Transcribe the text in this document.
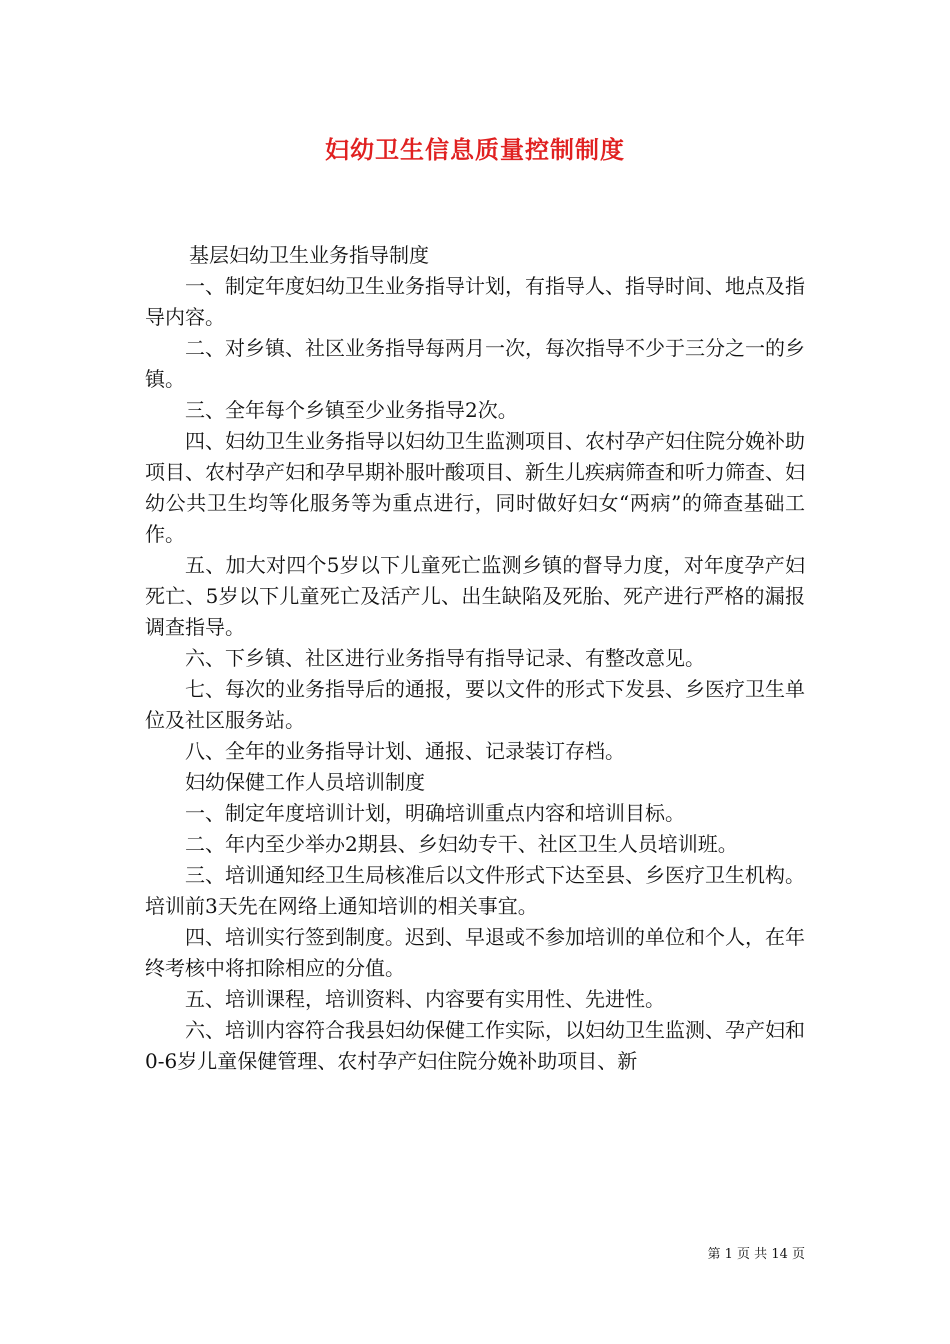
妇幼卫生信息质量控制制度

基层妇幼卫生业务指导制度

一、制定年度妇幼卫生业务指导计划，有指导人、指导时间、地点及指导内容。

二、对乡镇、社区业务指导每两月一次，每次指导不少于三分之一的乡镇。

三、全年每个乡镇至少业务指导2次。

四、妇幼卫生业务指导以妇幼卫生监测项目、农村孕产妇住院分娩补助项目、农村孕产妇和孕早期补服叶酸项目、新生儿疾病筛查和听力筛查、妇幼公共卫生均等化服务等为重点进行，同时做好妇女“两病”的筛查基础工作。

五、加大对四个5岁以下儿童死亡监测乡镇的督导力度，对年度孕产妇死亡、5岁以下儿童死亡及活产儿、出生缺陷及死胎、死产进行严格的漏报调查指导。

六、下乡镇、社区进行业务指导有指导记录、有整改意见。

七、每次的业务指导后的通报，要以文件的形式下发县、乡医疗卫生单位及社区服务站。

八、全年的业务指导计划、通报、记录装订存档。

妇幼保健工作人员培训制度

一、制定年度培训计划，明确培训重点内容和培训目标。

二、年内至少举办2期县、乡妇幼专干、社区卫生人员培训班。

三、培训通知经卫生局核准后以文件形式下达至县、乡医疗卫生机构。培训前3天先在网络上通知培训的相关事宜。

四、培训实行签到制度。迟到、早退或不参加培训的单位和个人，在年终考核中将扣除相应的分值。

五、培训课程，培训资料、内容要有实用性、先进性。

六、培训内容符合我县妇幼保健工作实际，以妇幼卫生监测、孕产妇和0-6岁儿童保健管理、农村孕产妇住院分娩补助项目、新

第 1 页 共 14 页
